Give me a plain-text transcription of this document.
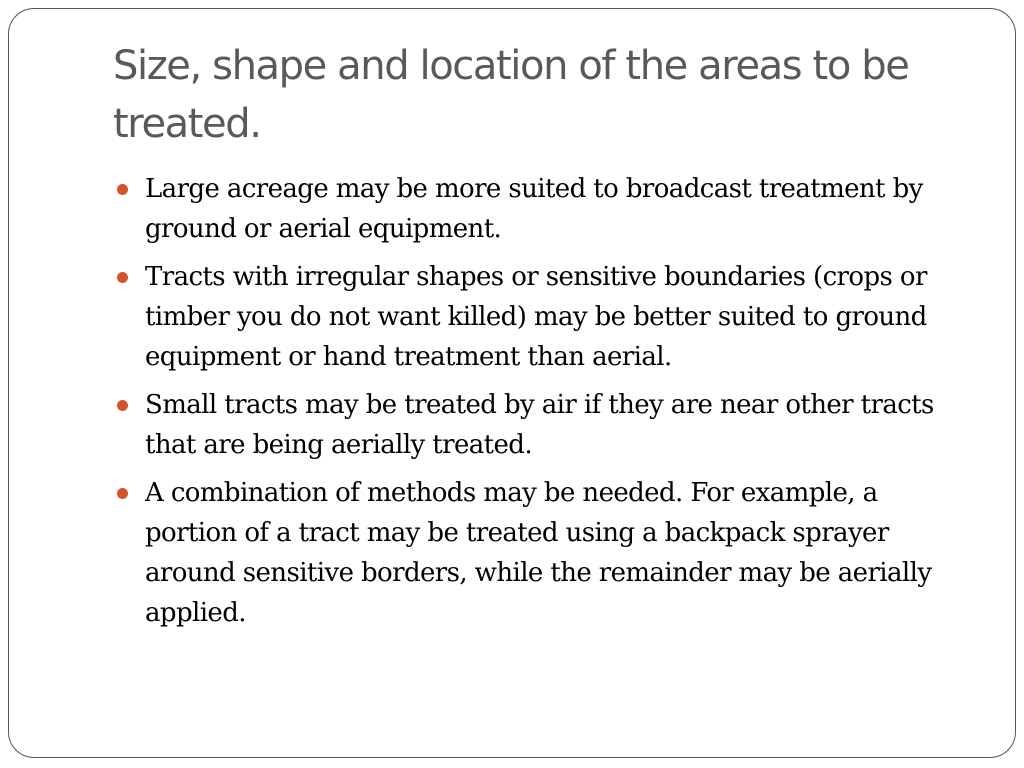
Size, shape and location of the areas to be treated.
Large acreage may be more suited to broadcast treatment by ground or aerial equipment.
Tracts with irregular shapes or sensitive boundaries (crops or timber you do not want killed) may be better suited to ground equipment or hand treatment than aerial.
Small tracts may be treated by air if they are near other tracts that are being aerially treated.
A combination of methods may be needed. For example, a portion of a tract may be treated using a backpack sprayer around sensitive borders, while the remainder may be aerially applied.
